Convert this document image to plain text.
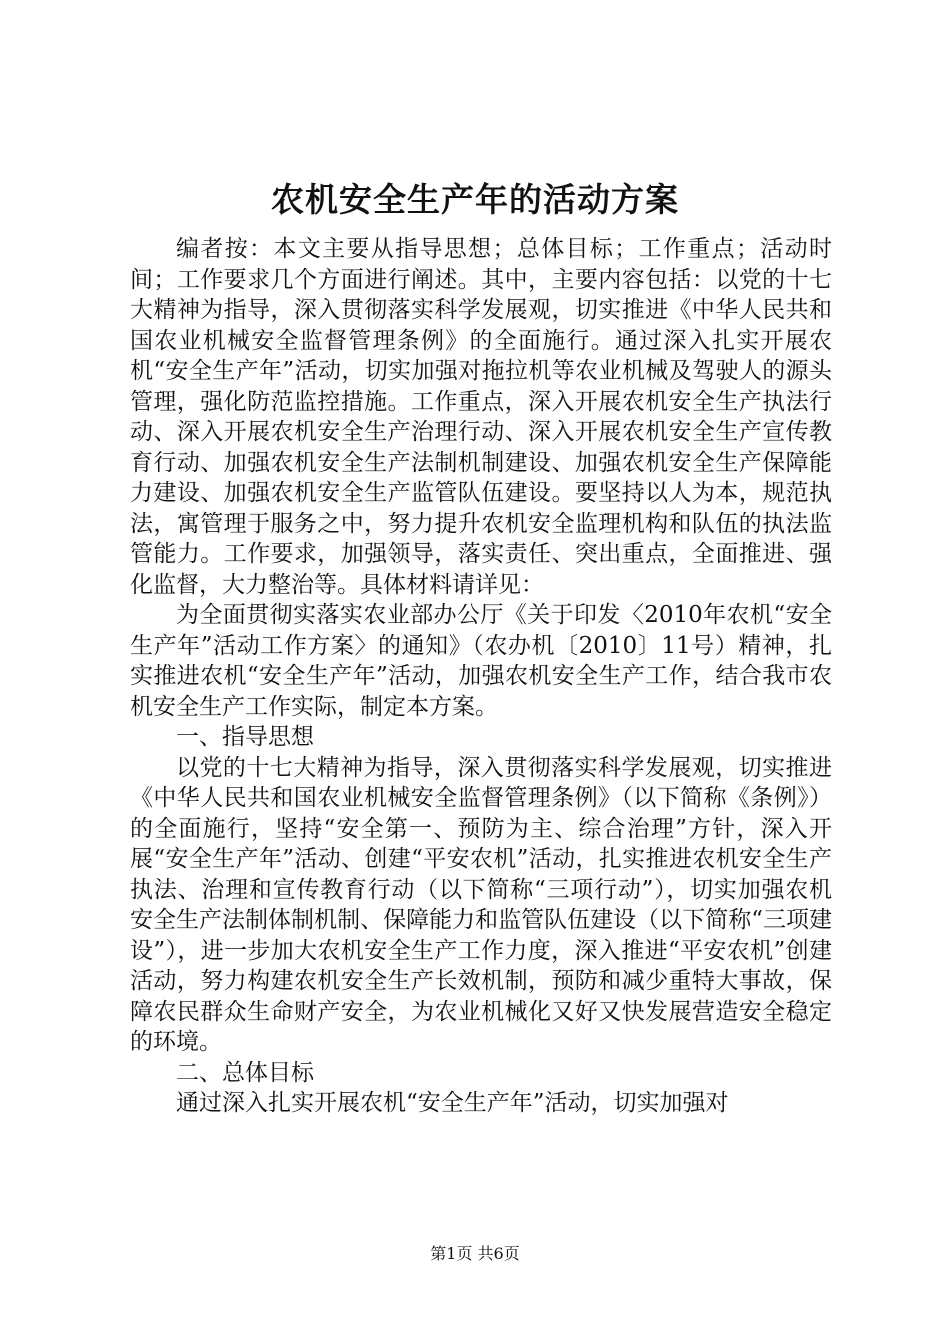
农机安全生产年的活动方案

编者按：本文主要从指导思想；总体目标；工作重点；活动时间；工作要求几个方面进行阐述。其中，主要内容包括：以党的十七大精神为指导，深入贯彻落实科学发展观，切实推进《中华人民共和国农业机械安全监督管理条例》的全面施行。通过深入扎实开展农机“安全生产年”活动，切实加强对拖拉机等农业机械及驾驶人的源头管理，强化防范监控措施。工作重点，深入开展农机安全生产执法行动、深入开展农机安全生产治理行动、深入开展农机安全生产宣传教育行动、加强农机安全生产法制机制建设、加强农机安全生产保障能力建设、加强农机安全生产监管队伍建设。要坚持以人为本，规范执法，寓管理于服务之中，努力提升农机安全监理机构和队伍的执法监管能力。工作要求，加强领导，落实责任、突出重点，全面推进、强化监督，大力整治等。具体材料请详见：

为全面贯彻实落实农业部办公厅《关于印发〈2010年农机“安全生产年”活动工作方案〉的通知》（农办机〔2010〕11号）精神，扎实推进农机“安全生产年”活动，加强农机安全生产工作，结合我市农机安全生产工作实际，制定本方案。

一、指导思想

以党的十七大精神为指导，深入贯彻落实科学发展观，切实推进《中华人民共和国农业机械安全监督管理条例》（以下简称《条例》）的全面施行，坚持“安全第一、预防为主、综合治理”方针，深入开展“安全生产年”活动、创建“平安农机”活动，扎实推进农机安全生产执法、治理和宣传教育行动（以下简称“三项行动”），切实加强农机安全生产法制体制机制、保障能力和监管队伍建设（以下简称“三项建设”），进一步加大农机安全生产工作力度，深入推进“平安农机”创建活动，努力构建农机安全生产长效机制，预防和减少重特大事故，保障农民群众生命财产安全，为农业机械化又好又快发展营造安全稳定的环境。

二、总体目标

通过深入扎实开展农机“安全生产年”活动，切实加强对

第1页 共6页
